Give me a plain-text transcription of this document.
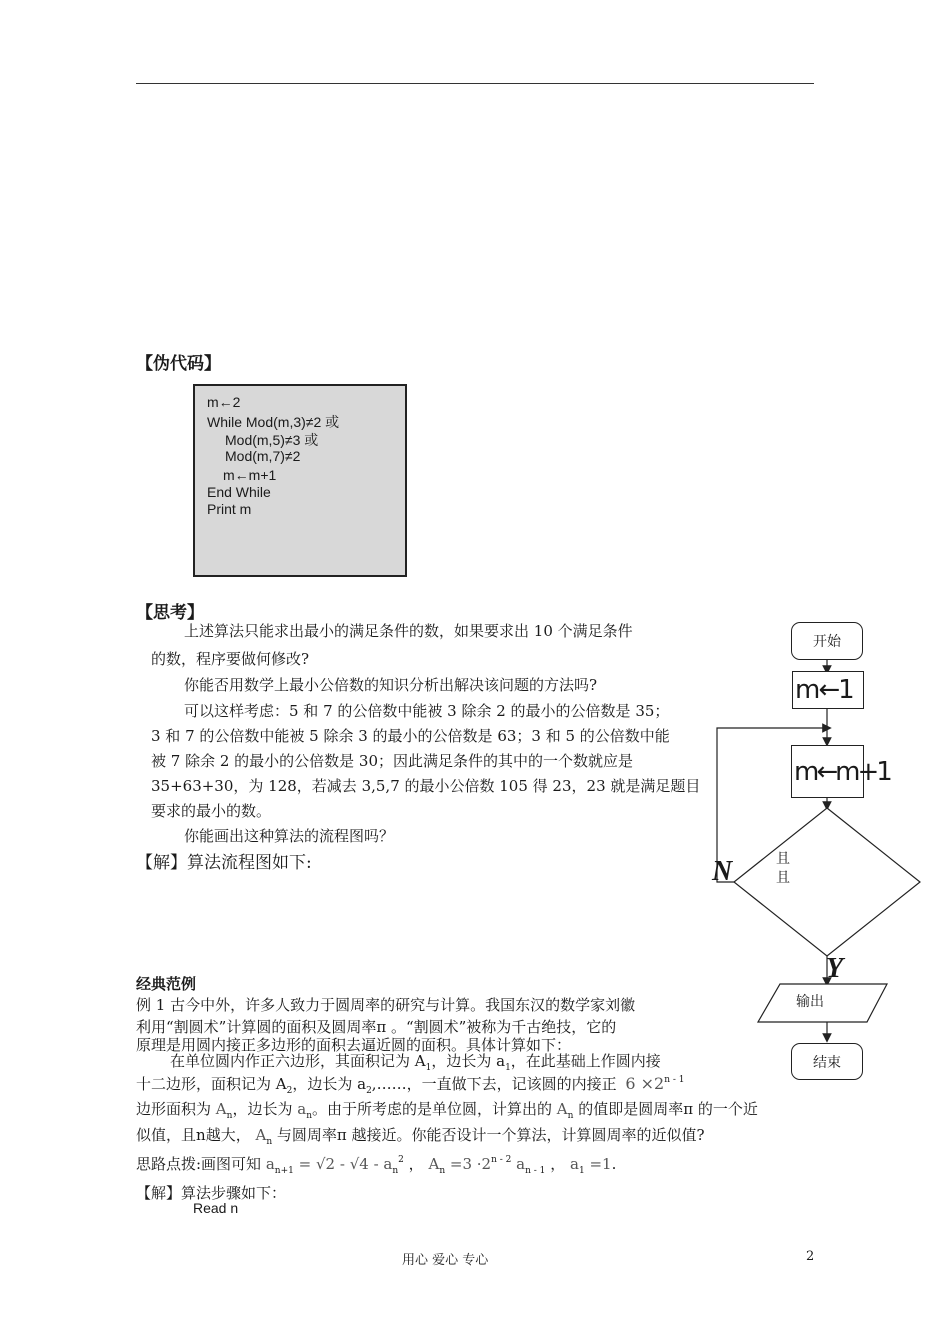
【伪代码】
m←2
While Mod(m,3)≠2 或
Mod(m,5)≠3 或
Mod(m,7)≠2
m←m+1
End While
Print m
【思考】
上述算法只能求出最小的满足条件的数，如果要求出 10 个满足条件
的数，程序要做何修改?
你能否用数学上最小公倍数的知识分析出解决该问题的方法吗?
可以这样考虑：5 和 7 的公倍数中能被 3 除余 2 的最小的公倍数是 35；
3 和 7 的公倍数中能被 5 除余 3 的最小的公倍数是 63；3 和 5 的公倍数中能
被 7 除余 2 的最小的公倍数是 30；因此满足条件的其中的一个数就应是
35+63+30，为 128，若减去 3,5,7 的最小公倍数 105 得 23，23 就是满足题目
要求的最小的数。
你能画出这种算法的流程图吗？
【解】算法流程图如下:
开始
m←1
m←m+1
且
且
N
Y
输出
结束
经典范例
例 1 古今中外，许多人致力于圆周率的研究与计算。我国东汉的数学家刘徽
利用“割圆术”计算圆的面积及圆周率π 。“割圆术”被称为千古绝技，它的
原理是用圆内接正多边形的面积去逼近圆的面积。具体计算如下：
在单位圆内作正六边形，其面积记为 $A_1$，边长为 $a_1$，在此基础上作圆内接
十二边形，面积记为 $A_2$，边长为 $a_2,\dots\dots$，一直做下去，记该圆的内接正 $6 \times 2^{n - 1}$
边形面积为 $A_n$，边长为 $a_n$。由于所考虑的是单位圆，计算出的 $A_n$ 的值即是圆周率π 的一个近
似值，且n越大， $A_n$ 与圆周率π 越接近。你能否设计一个算法，计算圆周率的近似值?
思路点拨:画图可知 $a_{n+1} = √2 - √4 - a_n^2$ ， $A_n =3 \cdot 2^{n - 2}$ $a_{n - 1}$ ， $a_1 =1$.
【解】算法步骤如下：
Read n
用心 爱心 专心	2
